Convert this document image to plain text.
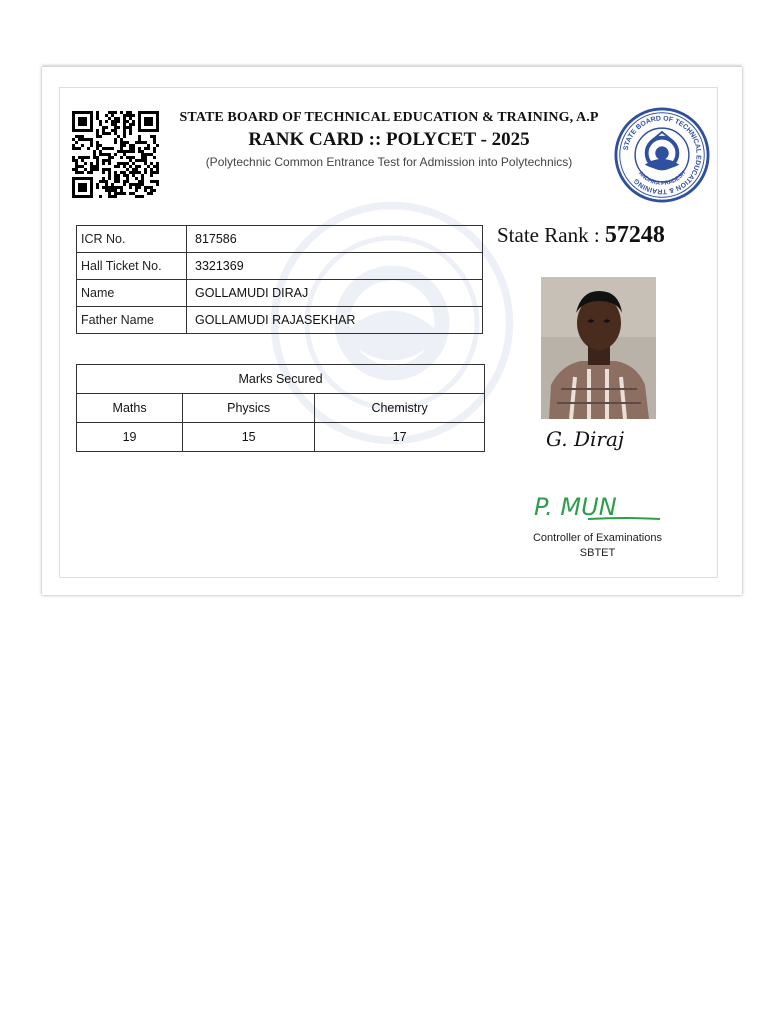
STATE BOARD OF TECHNICAL EDUCATION & TRAINING, A.P
RANK CARD :: POLYCET - 2025
(Polytechnic Common Entrance Test for Admission into Polytechnics)
STATE BOARD OF TECHNICAL EDUCATION & TRAINING
ANDHRA PRADESH
ICR No.	817586
Hall Ticket No.	3321369
Name	GOLLAMUDI DIRAJ
Father Name	GOLLAMUDI RAJASEKHAR
Marks Secured		
Maths	Physics	Chemistry
19	15	17
State Rank : 57248
G. Diraj
P. MUN
Controller of Examinations
SBTET
